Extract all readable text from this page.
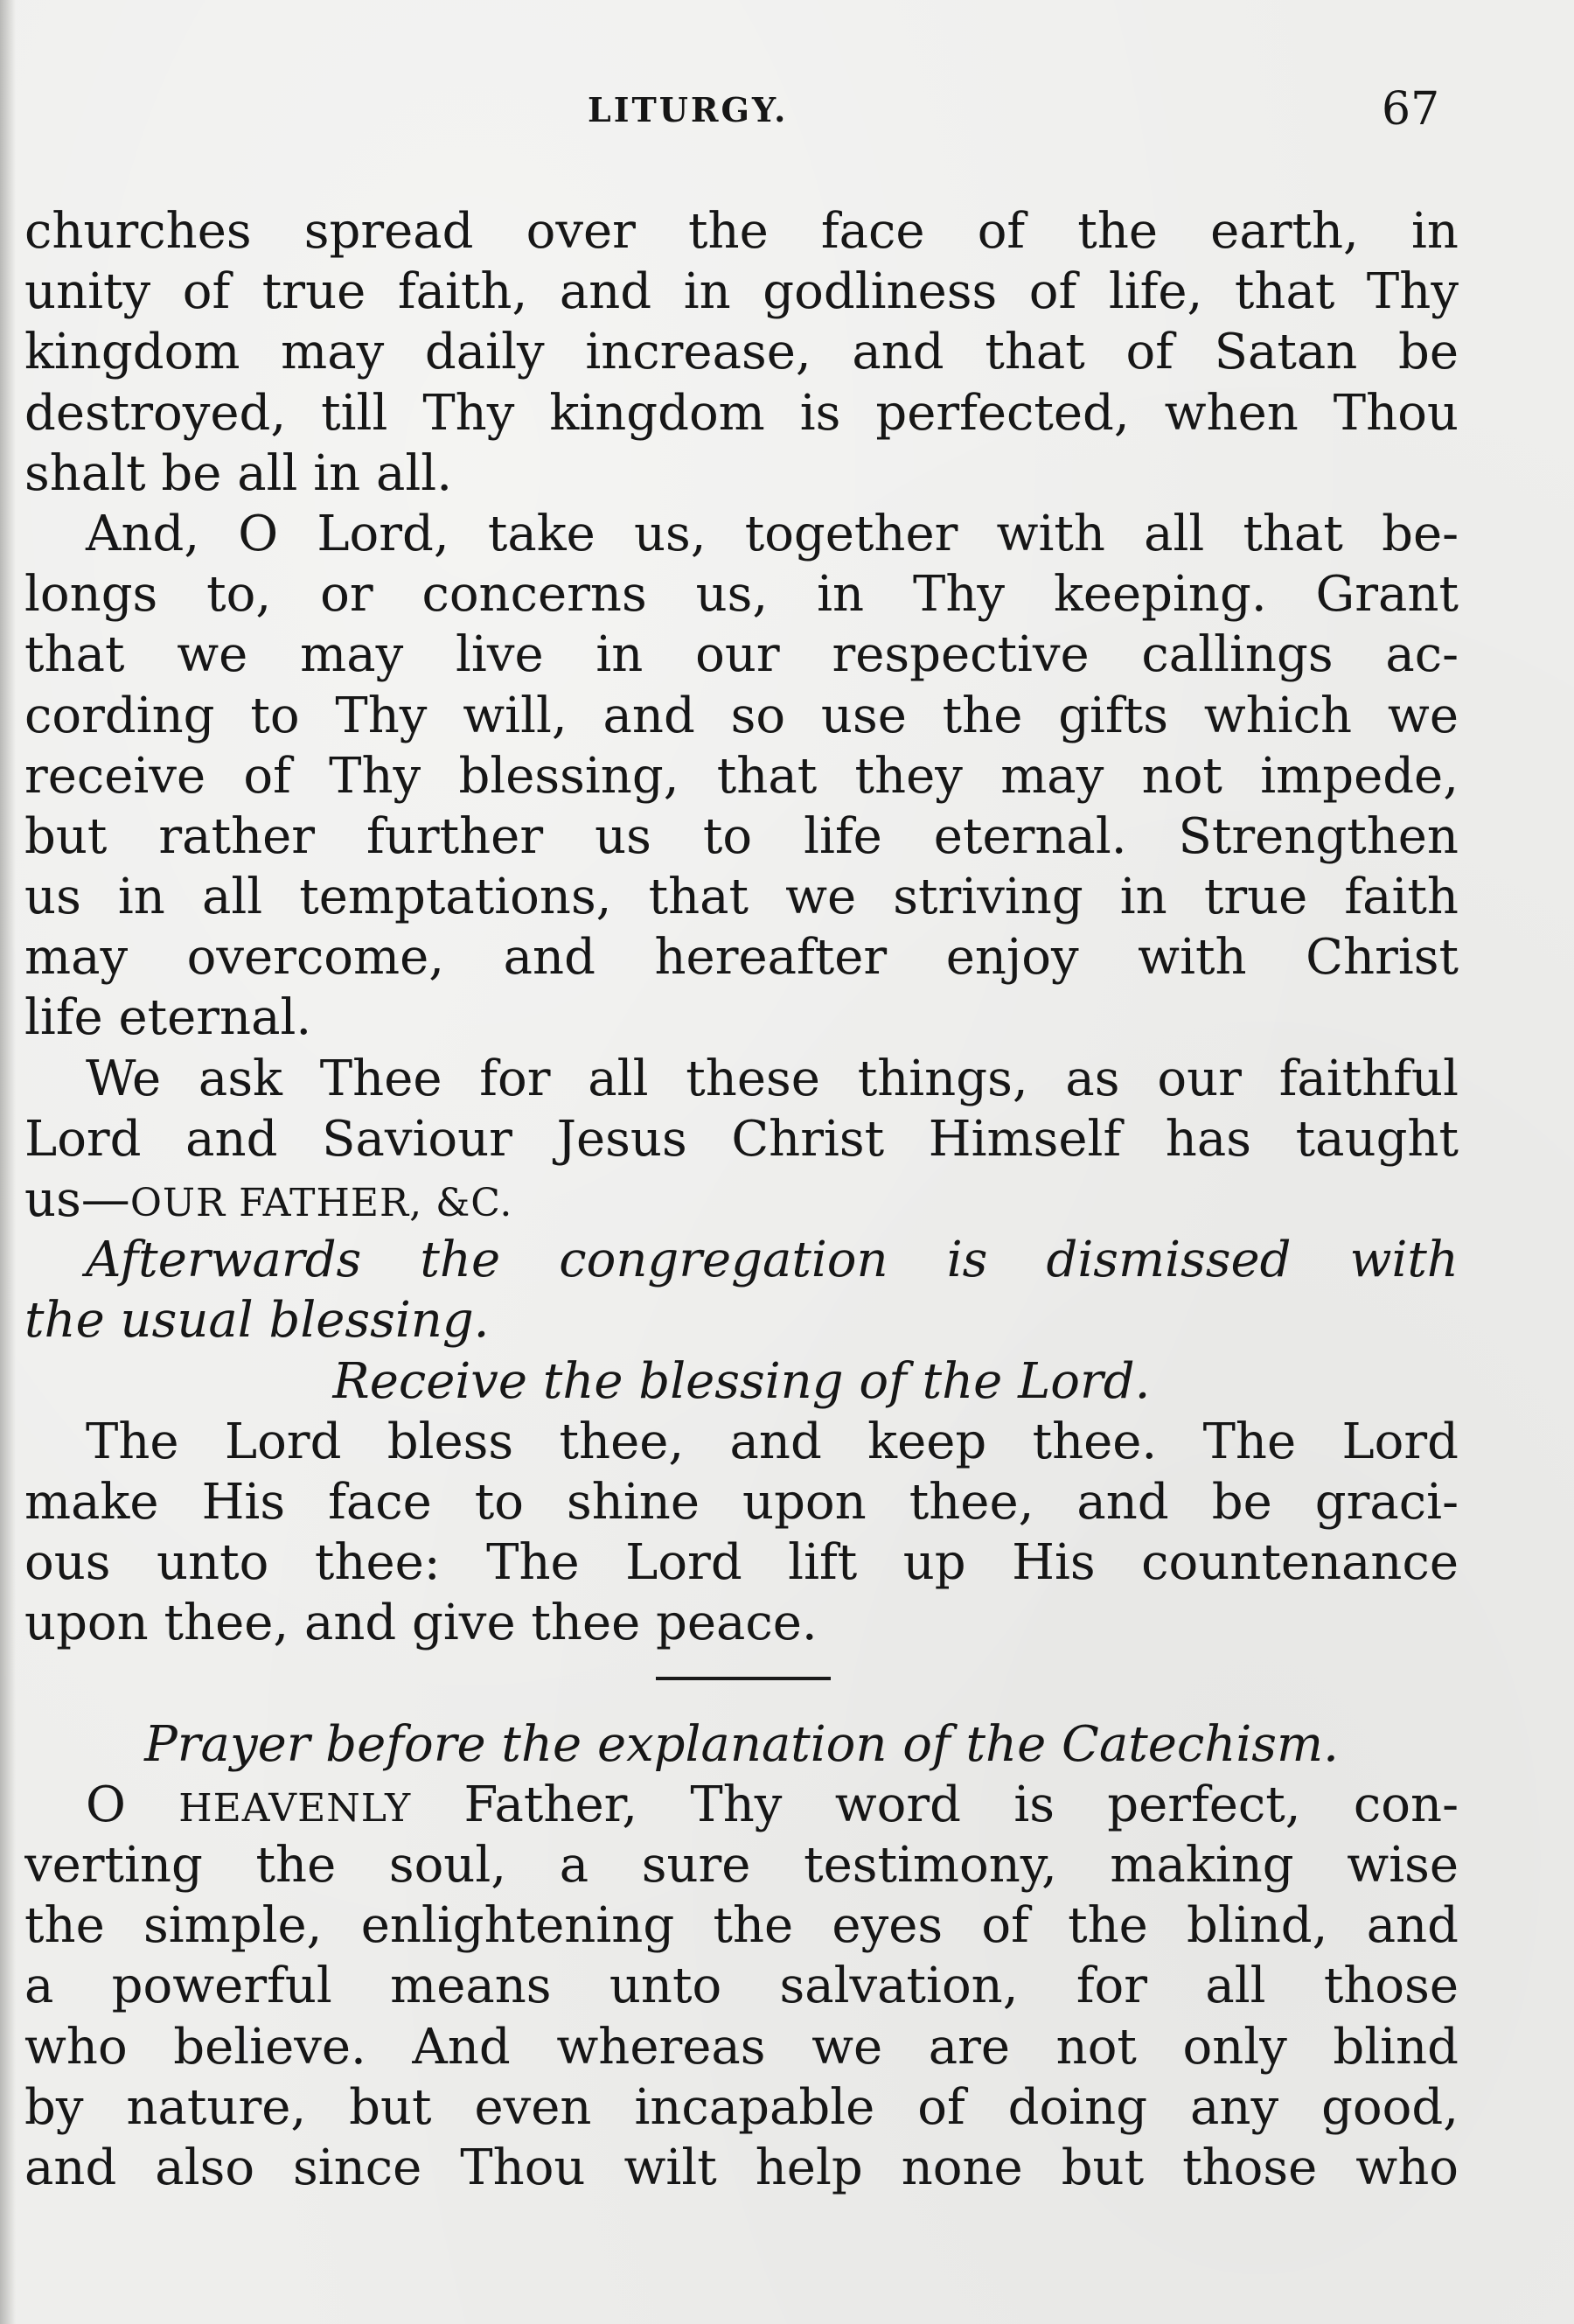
LITURGY.	67
churches spread over the face of the earth, in
unity of true faith, and in godliness of life, that Thy
kingdom may daily increase, and that of Satan be
destroyed, till Thy kingdom is perfected, when Thou
shalt be all in all.
And, O Lord, take us, together with all that be-
longs to, or concerns us, in Thy keeping. Grant
that we may live in our respective callings ac-
cording to Thy will, and so use the gifts which we
receive of Thy blessing, that they may not impede,
but rather further us to life eternal. Strengthen
us in all temptations, that we striving in true faith
may overcome, and hereafter enjoy with Christ
life eternal.
We ask Thee for all these things, as our faithful
Lord and Saviour Jesus Christ Himself has taught
us—OUR FATHER, &C.
Afterwards the congregation is dismissed with
the usual blessing.
Receive the blessing of the Lord.
The Lord bless thee, and keep thee. The Lord
make His face to shine upon thee, and be graci-
ous unto thee: The Lord lift up His countenance
upon thee, and give thee peace.
Prayer before the explanation of the Catechism.
O HEAVENLY Father, Thy word is perfect, con-
verting the soul, a sure testimony, making wise
the simple, enlightening the eyes of the blind, and
a powerful means unto salvation, for all those
who believe. And whereas we are not only blind
by nature, but even incapable of doing any good,
and also since Thou wilt help none but those who
